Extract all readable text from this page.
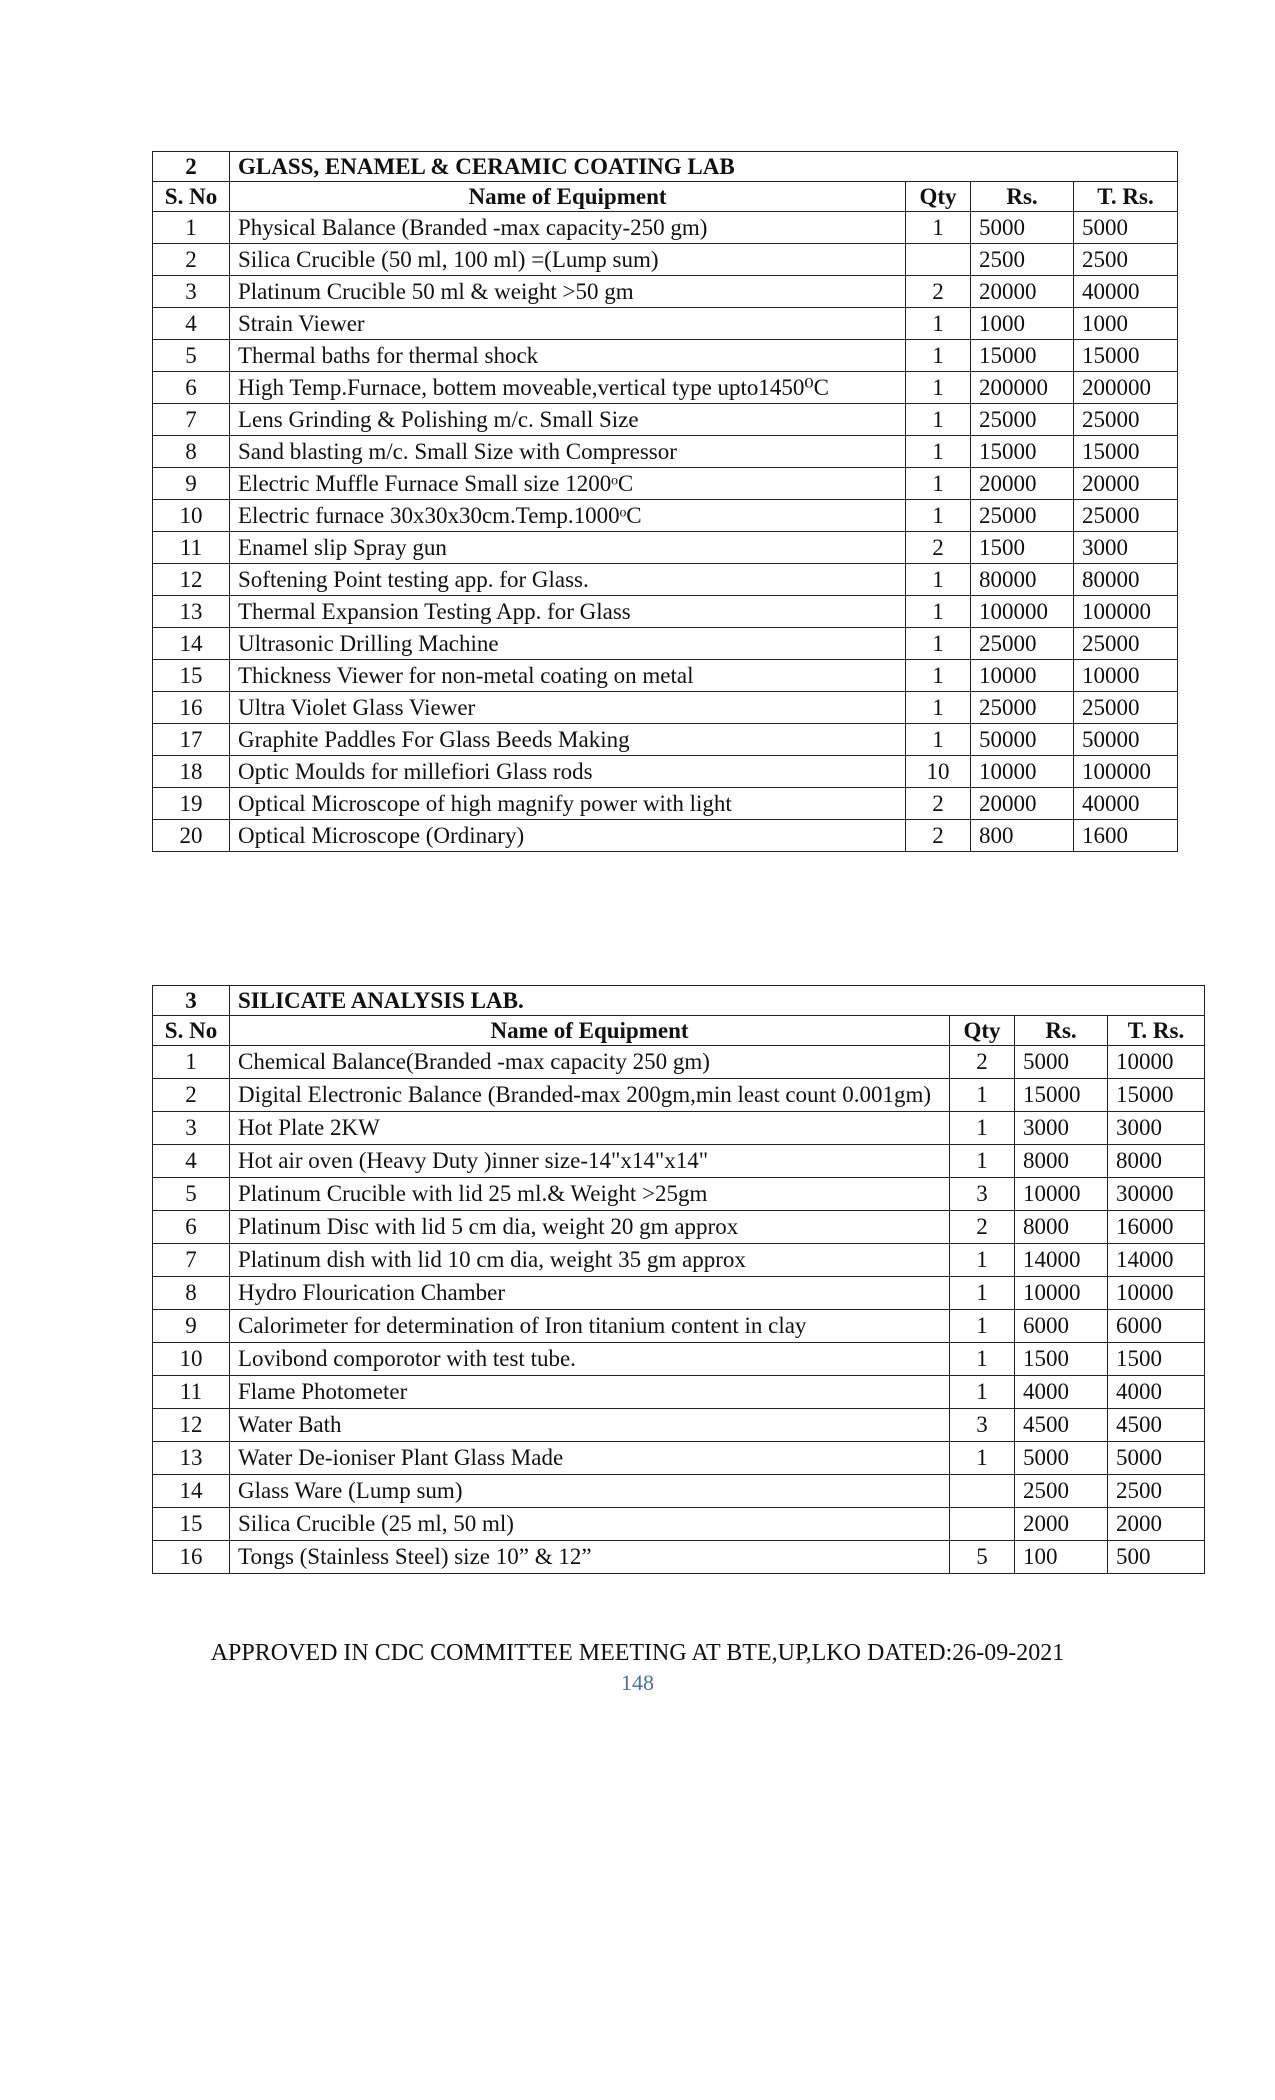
2	GLASS, ENAMEL & CERAMIC COATING LAB			
S. No	Name of Equipment	Qty	Rs.	T. Rs.
1	Physical Balance (Branded -max capacity-250 gm)	1	5000	5000
2	Silica Crucible (50 ml, 100 ml) =(Lump sum)		2500	2500
3	Platinum Crucible 50 ml & weight >50 gm	2	20000	40000
4	Strain Viewer	1	1000	1000
5	Thermal baths for thermal shock	1	15000	15000
6	High Temp.Furnace, bottem moveable,vertical type upto1450⁰C	1	200000	200000
7	Lens Grinding & Polishing m/c. Small Size	1	25000	25000
8	Sand blasting m/c. Small Size with Compressor	1	15000	15000
9	Electric Muffle Furnace Small size 1200ᵒC	1	20000	20000
10	Electric furnace 30x30x30cm.Temp.1000ᵒC	1	25000	25000
11	Enamel slip Spray gun	2	1500	3000
12	Softening Point testing app. for Glass.	1	80000	80000
13	Thermal Expansion Testing App. for Glass	1	100000	100000
14	Ultrasonic Drilling Machine	1	25000	25000
15	Thickness Viewer for non-metal coating on metal	1	10000	10000
16	Ultra Violet Glass Viewer	1	25000	25000
17	Graphite Paddles For Glass Beeds Making	1	50000	50000
18	Optic Moulds for millefiori Glass rods	10	10000	100000
19	Optical Microscope of high magnify power with light	2	20000	40000
20	Optical Microscope (Ordinary)	2	800	1600
3	SILICATE ANALYSIS LAB.			
S. No	Name of Equipment	Qty	Rs.	T. Rs.
1	Chemical Balance(Branded -max capacity 250 gm)	2	5000	10000
2	Digital Electronic Balance (Branded-max 200gm,min least count 0.001gm)	1	15000	15000
3	Hot Plate 2KW	1	3000	3000
4	Hot air oven (Heavy Duty )inner size-14"x14"x14"	1	8000	8000
5	Platinum Crucible with lid 25 ml.& Weight >25gm	3	10000	30000
6	Platinum Disc with lid 5 cm dia, weight 20 gm approx	2	8000	16000
7	Platinum dish with lid 10 cm dia, weight 35 gm approx	1	14000	14000
8	Hydro Flourication Chamber	1	10000	10000
9	Calorimeter for determination of Iron titanium content in clay	1	6000	6000
10	Lovibond comporotor with test tube.	1	1500	1500
11	Flame Photometer	1	4000	4000
12	Water Bath	3	4500	4500
13	Water De-ioniser Plant Glass Made	1	5000	5000
14	Glass Ware (Lump sum)		2500	2500
15	Silica Crucible (25 ml, 50 ml)		2000	2000
16	Tongs (Stainless Steel) size 10” & 12”	5	100	500
APPROVED IN CDC COMMITTEE MEETING AT BTE,UP,LKO DATED:26-09-2021
148
